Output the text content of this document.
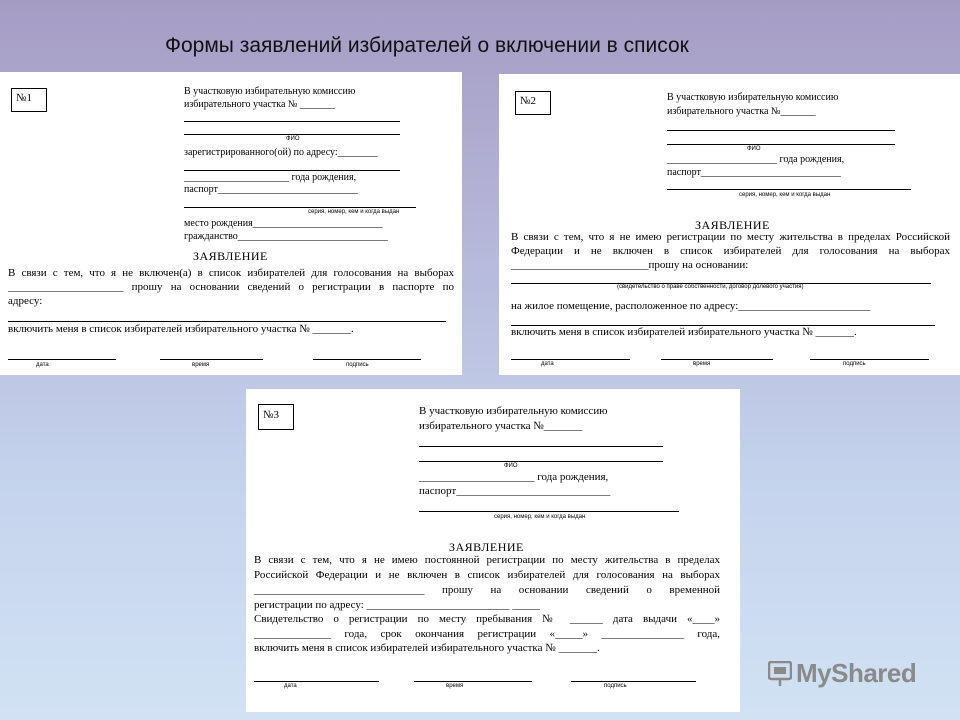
Формы заявлений избирателей о включении в список
№1
В участковую избирательную комиссию
избирательного участка № _______
ФИО
зарегистрированного(ой) по адресу:________
_____________________ года рождения,
паспорт____________________________
серия, номер, кем и когда выдан
место рождения__________________________
гражданство______________________________
ЗАЯВЛЕНИЕ
В связи с тем, что я не включен(а) в список избирателей для голосования на выборах
_____________________ прошу на основании сведений о регистрации в паспорте по
адресу:
включить меня в список избирателей избирательного участка № _______.
дата	время	подпись
№2	В участковую избирательную комиссию
избирательного участка №_______
ФИО
______________________ года рождения,
паспорт____________________________
серия, номер, кем и когда выдан
ЗАЯВЛЕНИЕ
В связи с тем, что я не имею регистрации по месту жительства в пределах Российской
Федерации и не включен в список избирателей для голосования на выборах
_________________________прошу на основании:
(свидетельство о праве собственности, договор долевого участия)
на жилое помещение, расположенное по адресу:________________________
включить меня в список избирателей избирательного участка № _______.
дата	время	подпись
№3	В участковую избирательную комиссию
избирательного участка №_______
ФИО
_____________________ года рождения,
паспорт____________________________
серия, номер, кем и когда выдан
ЗАЯВЛЕНИЕ
В связи с тем, что я не имею постоянной регистрации по месту жительства в пределах
Российской Федерации и не включен в список избирателей для голосования на выборах
_______________________________ прошу на основании сведений о временной
регистрации по адресу: __________________________ _____
Свидетельство о регистрации по месту пребывания № ______ дата выдачи «____»
______________ года, срок окончания регистрации «_____» _______________ года,
включить меня в список избирателей избирательного участка № _______.
дата	время	подпись	MyShared
